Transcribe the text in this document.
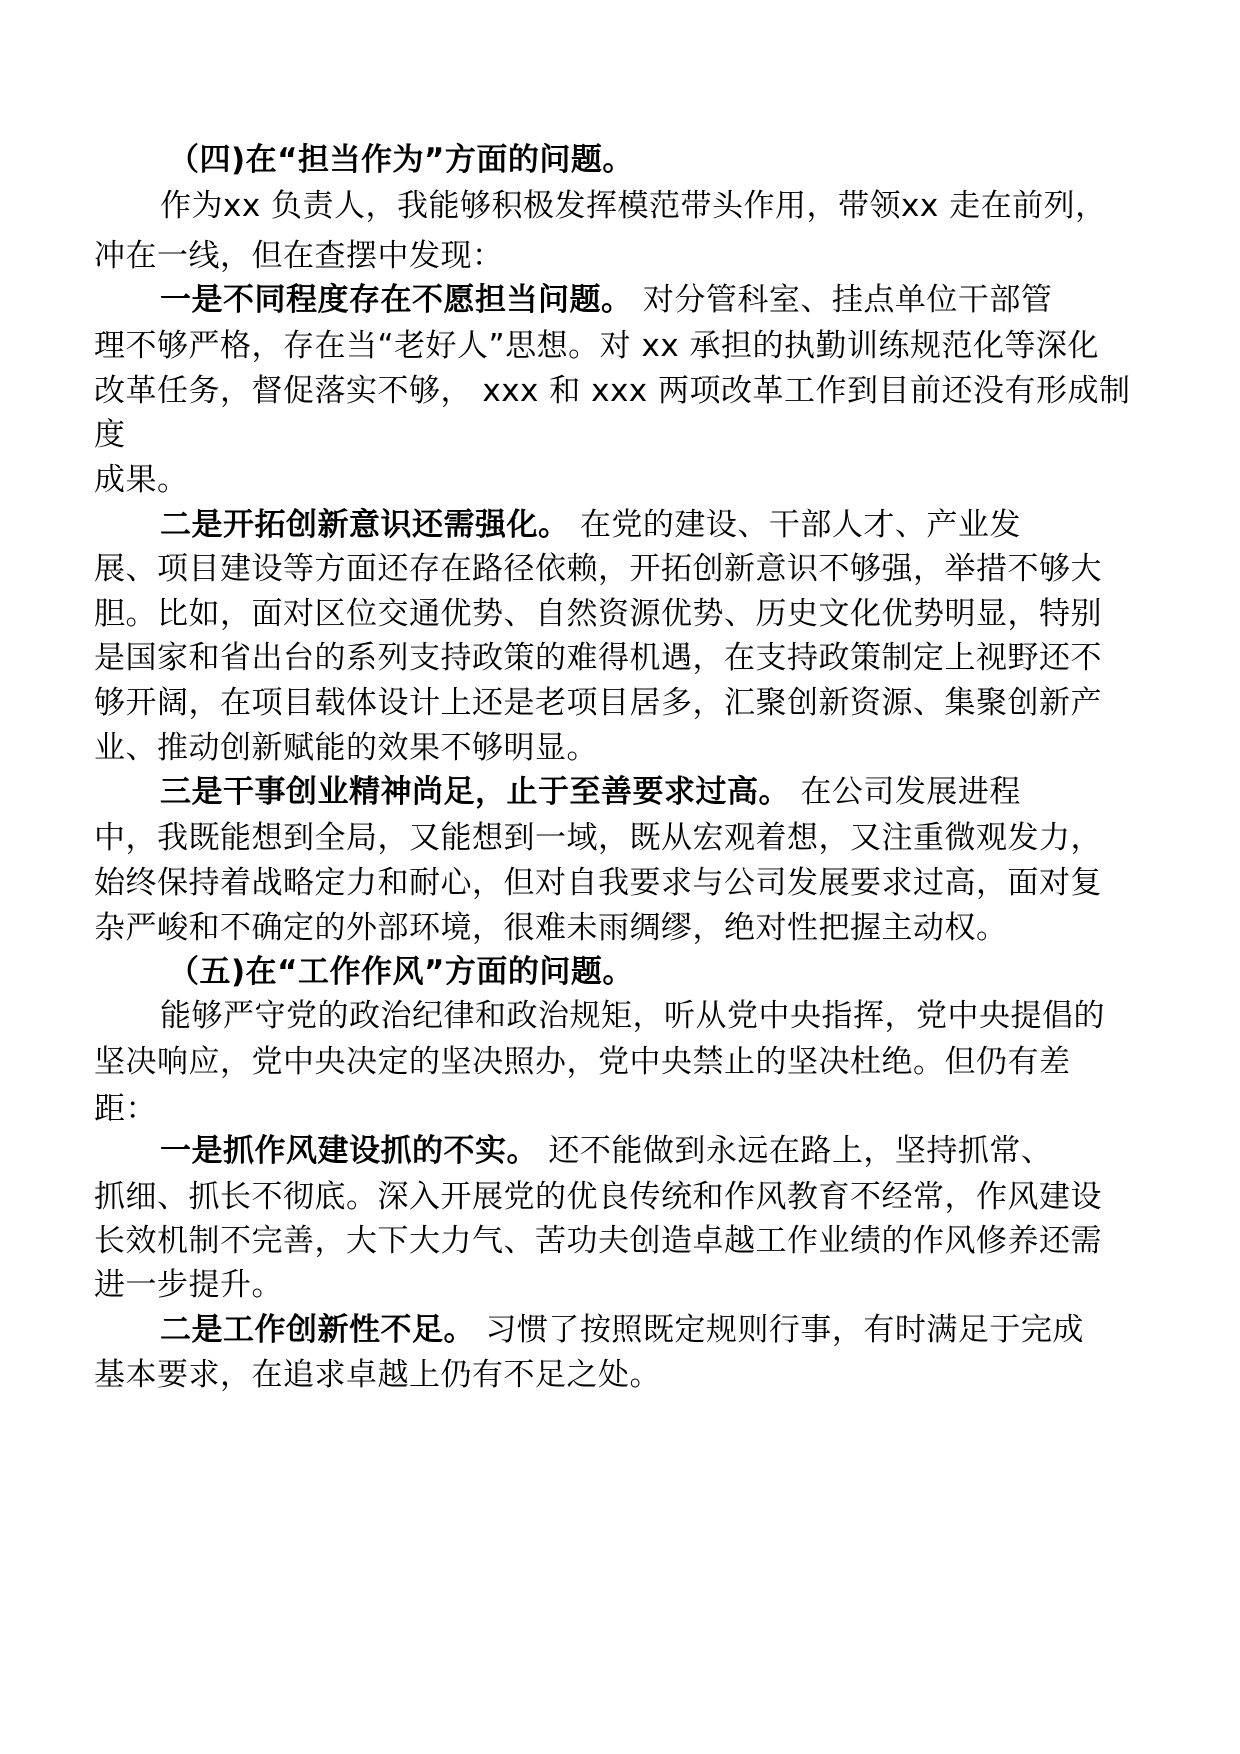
（四)在“担当作为”方面的问题。
作为xx 负责人，我能够积极发挥模范带头作用，带领xx 走在前列，
冲在一线，但在查摆中发现：
一是不同程度存在不愿担当问题。 对分管科室、挂点单位干部管
理不够严格，存在当“老好人”思想。对 xx 承担的执勤训练规范化等深化
改革任务，督促落实不够， xxx 和 xxx 两项改革工作到目前还没有形成制
度
成果。
二是开拓创新意识还需强化。 在党的建设、干部人才、产业发
展、项目建设等方面还存在路径依赖，开拓创新意识不够强，举措不够大
胆。比如，面对区位交通优势、自然资源优势、历史文化优势明显，特别
是国家和省出台的系列支持政策的难得机遇，在支持政策制定上视野还不
够开阔，在项目载体设计上还是老项目居多，汇聚创新资源、集聚创新产
业、推动创新赋能的效果不够明显。
三是干事创业精神尚足，止于至善要求过高。 在公司发展进程
中，我既能想到全局，又能想到一域，既从宏观着想，又注重微观发力，
始终保持着战略定力和耐心，但对自我要求与公司发展要求过高，面对复
杂严峻和不确定的外部环境，很难未雨绸缪，绝对性把握主动权。
（五)在“工作作风”方面的问题。
能够严守党的政治纪律和政治规矩，听从党中央指挥，党中央提倡的
坚决响应，党中央决定的坚决照办，党中央禁止的坚决杜绝。但仍有差
距：
一是抓作风建设抓的不实。 还不能做到永远在路上，坚持抓常、
抓细、抓长不彻底。深入开展党的优良传统和作风教育不经常，作风建设
长效机制不完善，大下大力气、苦功夫创造卓越工作业绩的作风修养还需
进一步提升。
二是工作创新性不足。 习惯了按照既定规则行事，有时满足于完成
基本要求，在追求卓越上仍有不足之处。
